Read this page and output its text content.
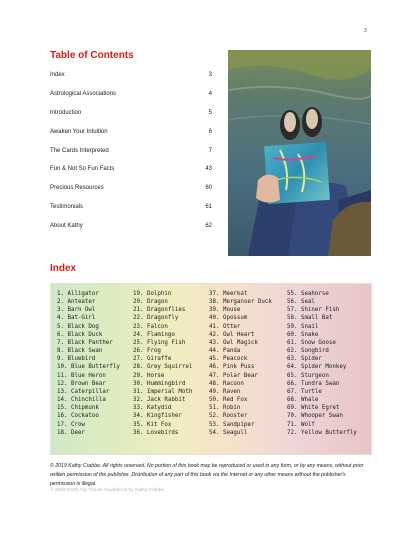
3
Table of Contents
Index	3
Astrological Associations	4
Introduction	5
Awaken Your Intuition	6
The Cards Interpreted	7
Fun & Not So Fun Facts	43
Precious Resources	60
Testimonials	61
About Kathy	62
Index
1. Alligator
2. Anteater
3. Barn Owl
4. Bat-Girl
5. Black Dog
6. Black Duck
7. Black Panther
8. Black Swan
9. Bluebird
10. Blue Butterfly
11. Blue Heron
12. Brown Bear
13. Caterpillar
14. Chinchilla
15. Chipmunk
16. Cockatoo
17. Crow
18. Deer
19. Dolphin
20. Dragon
21. Dragonflies
22. Dragonfly
23. Falcon
24. Flamingo
25. Flying Fish
26. Frog
27. Giraffe
28. Grey Squirrel
29. Horse
30. Hummingbird
31. Imperial Moth
32. Jack Rabbit
33. Katydid
34. Kingfisher
35. Kit Fox
36. Lovebirds
37. Meerkat
38. Merganser Duck
39. Mouse
40. Opossum
41. Otter
42. Owl Heart
43. Owl Magick
44. Panda
45. Peacock
46. Pink Puss
47. Polar Bear
48. Racoon
49. Raven
50. Red Fox
51. Robin
52. Rooster
53. Sandpiper
54. Seagull
55. Seahorse
56. Seal
57. Shiner Fish
58. Small Bat
59. Snail
60. Snake
61. Snow Goose
62. Songbird
63. Spider
64. Spider Monkey
65. Sturgeon
66. Tundra Swan
67. Turtle
68. Whale
69. White Egret
70. Whooper Swan
71. Wolf
72. Yellow Butterfly
© 2019 Kathy Crabbe. All rights reserved. No portion of this book may be reproduced or used in any form, or by any means, without prior written permission of the publisher. Distribution of any part of this book via the Internet or any other means without the publisher's permission is illegal.
© 2019 Earth Ally Oracle Guidebook by Kathy Crabbe
